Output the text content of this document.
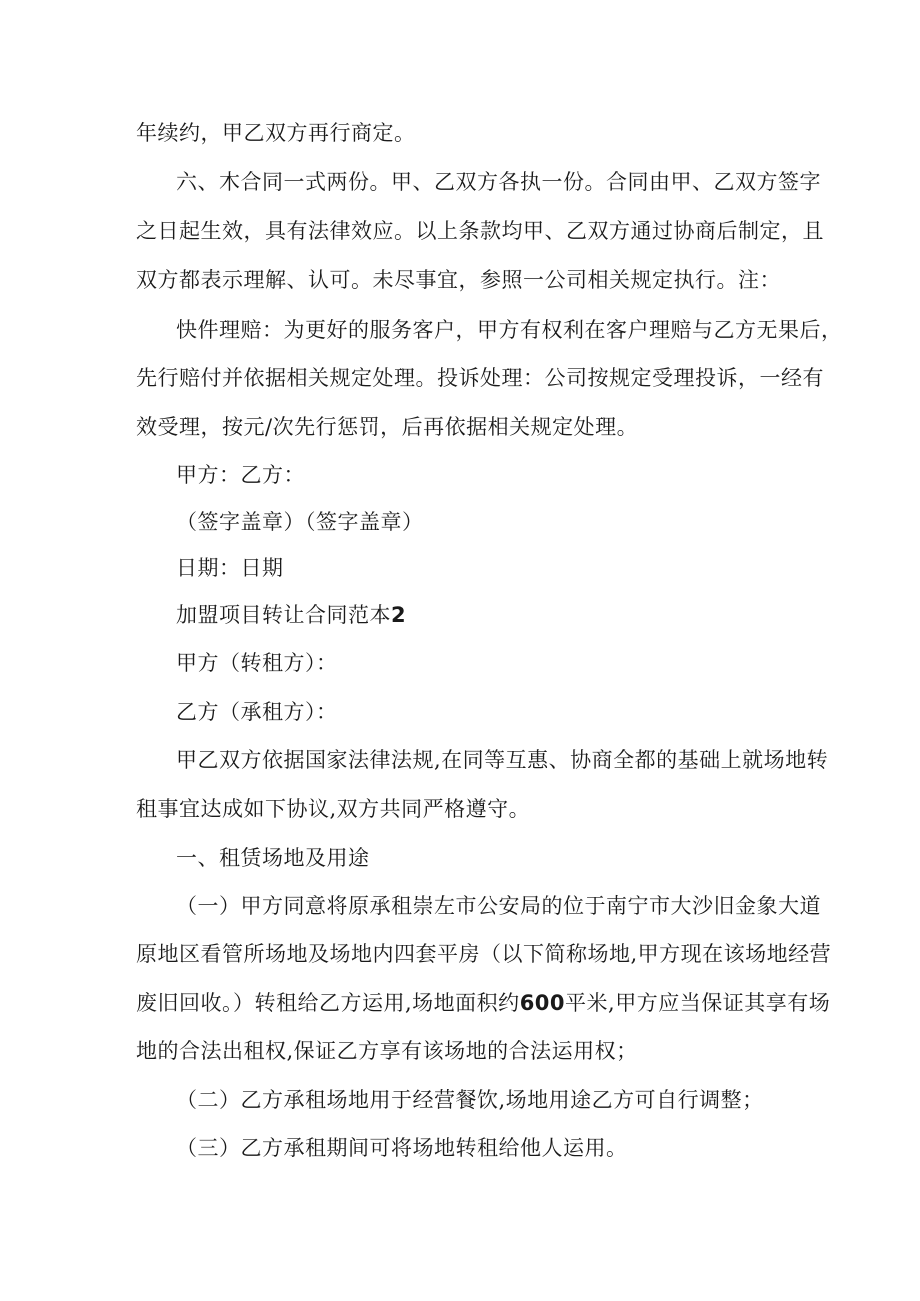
年续约，甲乙双方再行商定。

六、木合同一式两份。甲、乙双方各执一份。合同由甲、乙双方签字

之日起生效，具有法律效应。以上条款均甲、乙双方通过协商后制定，且

双方都表示理解、认可。未尽事宜，参照一公司相关规定执行。注：

快件理赔：为更好的服务客户，甲方有权利在客户理赔与乙方无果后，

先行赔付并依据相关规定处理。投诉处理：公司按规定受理投诉，一经有

效受理，按元/次先行惩罚，后再依据相关规定处理。

甲方：乙方：

（签字盖章）（签字盖章）

日期：日期

加盟项目转让合同范本2

甲方（转租方）：

乙方（承租方）：

甲乙双方依据国家法律法规,在同等互惠、协商全都的基础上就场地转

租事宜达成如下协议,双方共同严格遵守。

一、租赁场地及用途

（一）甲方同意将原承租崇左市公安局的位于南宁市大沙旧金象大道

原地区看管所场地及场地内四套平房（以下简称场地,甲方现在该场地经营

废旧回收。）转租给乙方运用,场地面积约600平米,甲方应当保证其享有场

地的合法出租权,保证乙方享有该场地的合法运用权；

（二）乙方承租场地用于经营餐饮,场地用途乙方可自行调整；

（三）乙方承租期间可将场地转租给他人运用。
